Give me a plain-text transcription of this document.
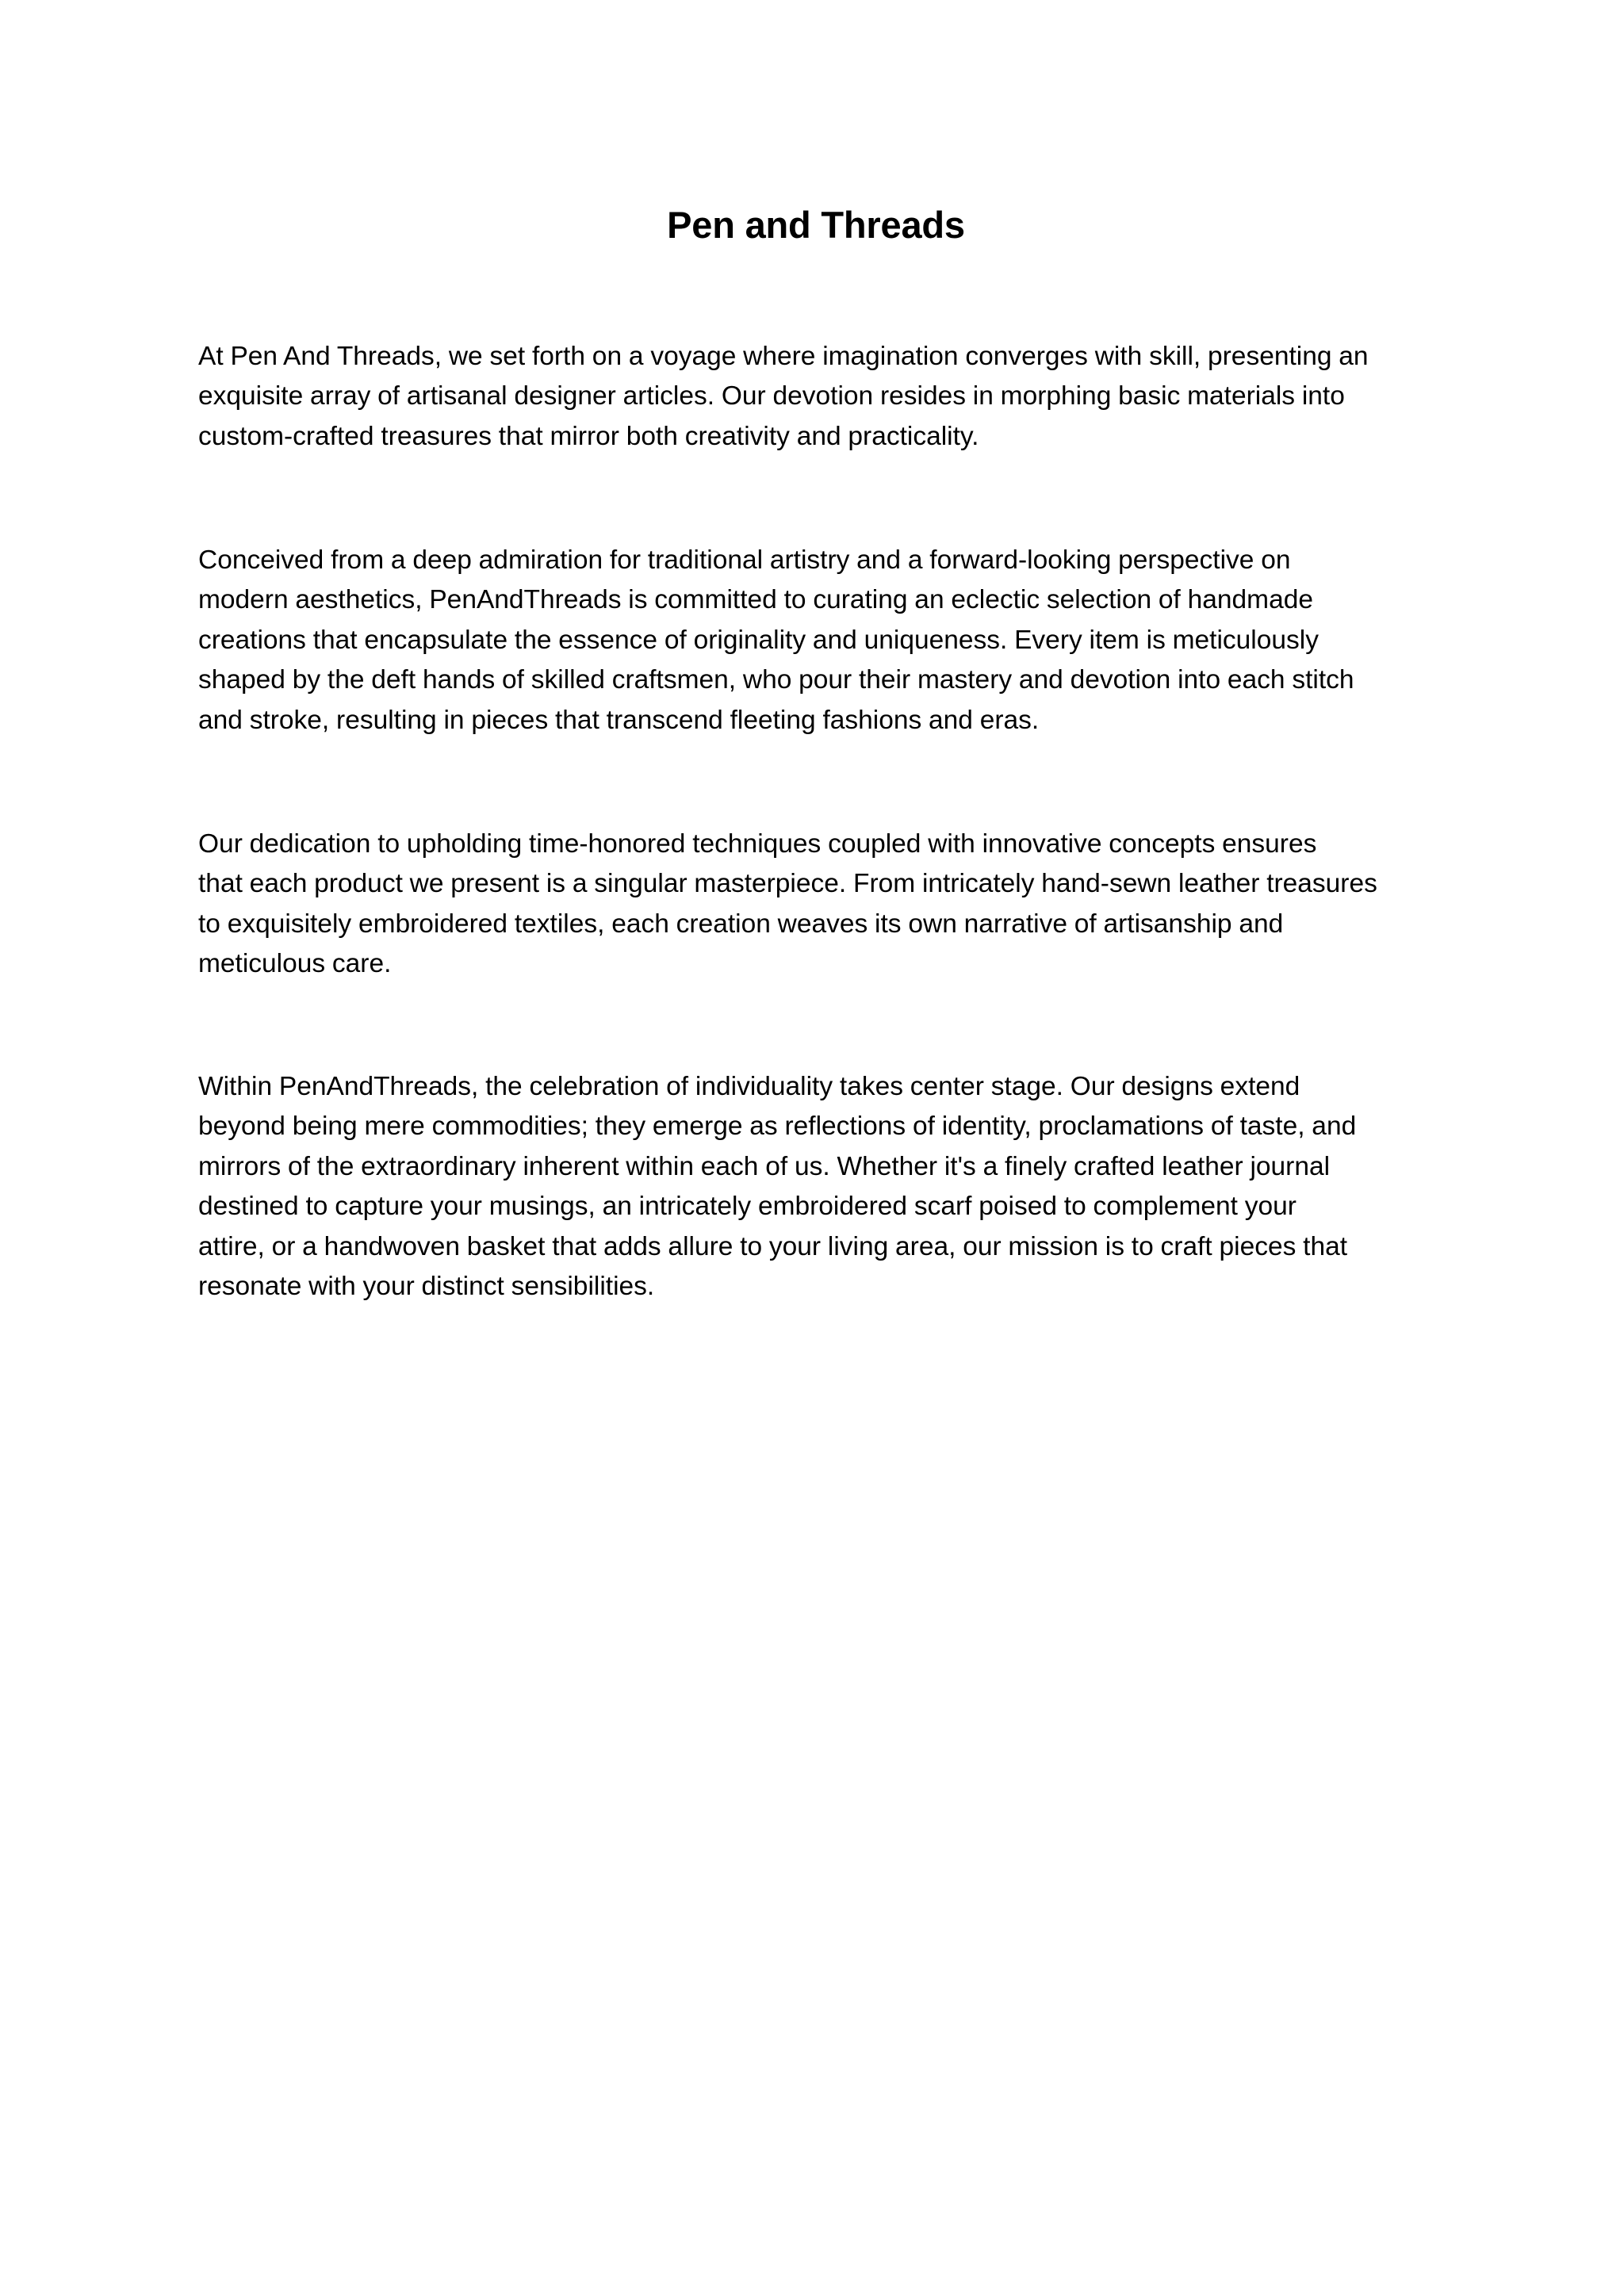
Pen and Threads
At Pen And Threads, we set forth on a voyage where imagination converges with skill, presenting an
exquisite array of artisanal designer articles. Our devotion resides in morphing basic materials into
custom-crafted treasures that mirror both creativity and practicality.
Conceived from a deep admiration for traditional artistry and a forward-looking perspective on
modern aesthetics, PenAndThreads is committed to curating an eclectic selection of handmade
creations that encapsulate the essence of originality and uniqueness. Every item is meticulously
shaped by the deft hands of skilled craftsmen, who pour their mastery and devotion into each stitch
and stroke, resulting in pieces that transcend fleeting fashions and eras.
Our dedication to upholding time-honored techniques coupled with innovative concepts ensures
that each product we present is a singular masterpiece. From intricately hand-sewn leather treasures
to exquisitely embroidered textiles, each creation weaves its own narrative of artisanship and
meticulous care.
Within PenAndThreads, the celebration of individuality takes center stage. Our designs extend
beyond being mere commodities; they emerge as reflections of identity, proclamations of taste, and
mirrors of the extraordinary inherent within each of us. Whether it's a finely crafted leather journal
destined to capture your musings, an intricately embroidered scarf poised to complement your
attire, or a handwoven basket that adds allure to your living area, our mission is to craft pieces that
resonate with your distinct sensibilities.
